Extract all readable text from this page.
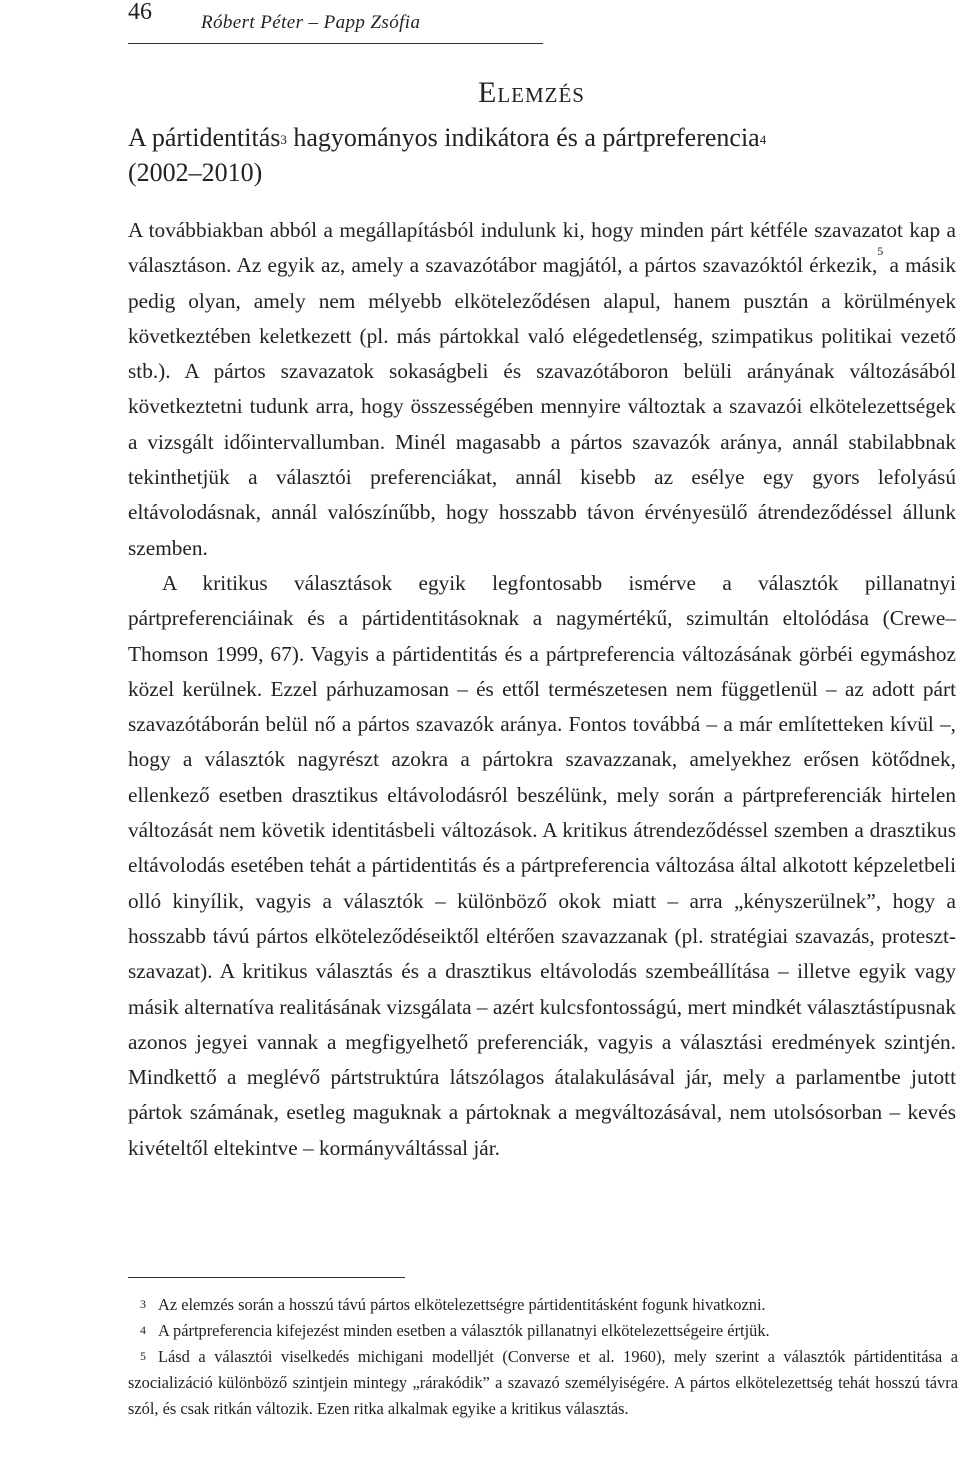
46	Róbert Péter – Papp Zsófia
Elemzés
A pártidentitás$^3$ hagyományos indikátora és a pártpreferencia$^4$
(2002–2010)

A továbbiakban abból a megállapításból indulunk ki, hogy minden párt kétféle szavazatot kap a választáson. Az egyik az, amely a szavazótábor magjától, a pártos szavazóktól érkezik,$^5$ a másik pedig olyan, amely nem mélyebb elköteleződésen alapul, hanem pusztán a körülmények következtében keletkezett (pl. más pártokkal való elégedetlenség, szimpatikus politikai vezető stb.). A pártos szavazatok sokaságbeli és szavazótáboron belüli arányának változásából következtetni tudunk arra, hogy összességében mennyire változtak a szavazói elkötelezettségek a vizsgált időintervallumban. Minél magasabb a pártos szavazók aránya, annál stabilabbnak tekinthetjük a választói preferenciákat, annál kisebb az esélye egy gyors lefolyású eltávolodásnak, annál valószínűbb, hogy hosszabb távon érvényesülő átrendeződéssel állunk szemben.

A kritikus választások egyik legfontosabb ismérve a választók pillanatnyi pártpreferenciáinak és a pártidentitásoknak a nagymértékű, szimultán eltolódása (Crewe–Thomson 1999, 67). Vagyis a pártidentitás és a pártpreferencia változásának görbéi egymáshoz közel kerülnek. Ezzel párhuzamosan – és ettől természetesen nem függetlenül – az adott párt szavazótáborán belül nő a pártos szavazók aránya. Fontos továbbá – a már említetteken kívül –, hogy a választók nagyrészt azokra a pártokra szavazzanak, amelyekhez erősen kötődnek, ellenkező esetben drasztikus eltávolodásról beszélünk, mely során a pártpreferenciák hirtelen változását nem követik identitásbeli változások. A kritikus átrendeződéssel szemben a drasztikus eltávolodás esetében tehát a pártidentitás és a pártpreferencia változása által alkotott képzeletbeli olló kinyílik, vagyis a választók – különböző okok miatt – arra „kényszerülnek”, hogy a hosszabb távú pártos elköteleződéseiktől eltérően szavazzanak (pl. stratégiai szavazás, protesztszavazat). A kritikus választás és a drasztikus eltávolodás szembeállítása – illetve egyik vagy másik alternatíva realitásának vizsgálata – azért kulcsfontosságú, mert mindkét választástípusnak azonos jegyei vannak a megfigyelhető preferenciák, vagyis a választási eredmények szintjén. Mindkettő a meglévő pártstruktúra látszólagos átalakulásával jár, mely a parlamentbe jutott pártok számának, esetleg maguknak a pártoknak a megváltozásával, nem utolsósorban – kevés kivételtől eltekintve – kormányváltással jár.

3 Az elemzés során a hosszú távú pártos elkötelezettségre pártidentitásként fogunk hivatkozni.

4 A pártpreferencia kifejezést minden esetben a választók pillanatnyi elkötelezettségeire értjük.

5 Lásd a választói viselkedés michigani modelljét (Converse et al. 1960), mely szerint a választók pártidentitása a szocializáció különböző szintjein mintegy „rárakódik” a szavazó személyiségére. A pártos elkötelezettség tehát hosszú távra szól, és csak ritkán változik. Ezen ritka alkalmak egyike a kritikus választás.
